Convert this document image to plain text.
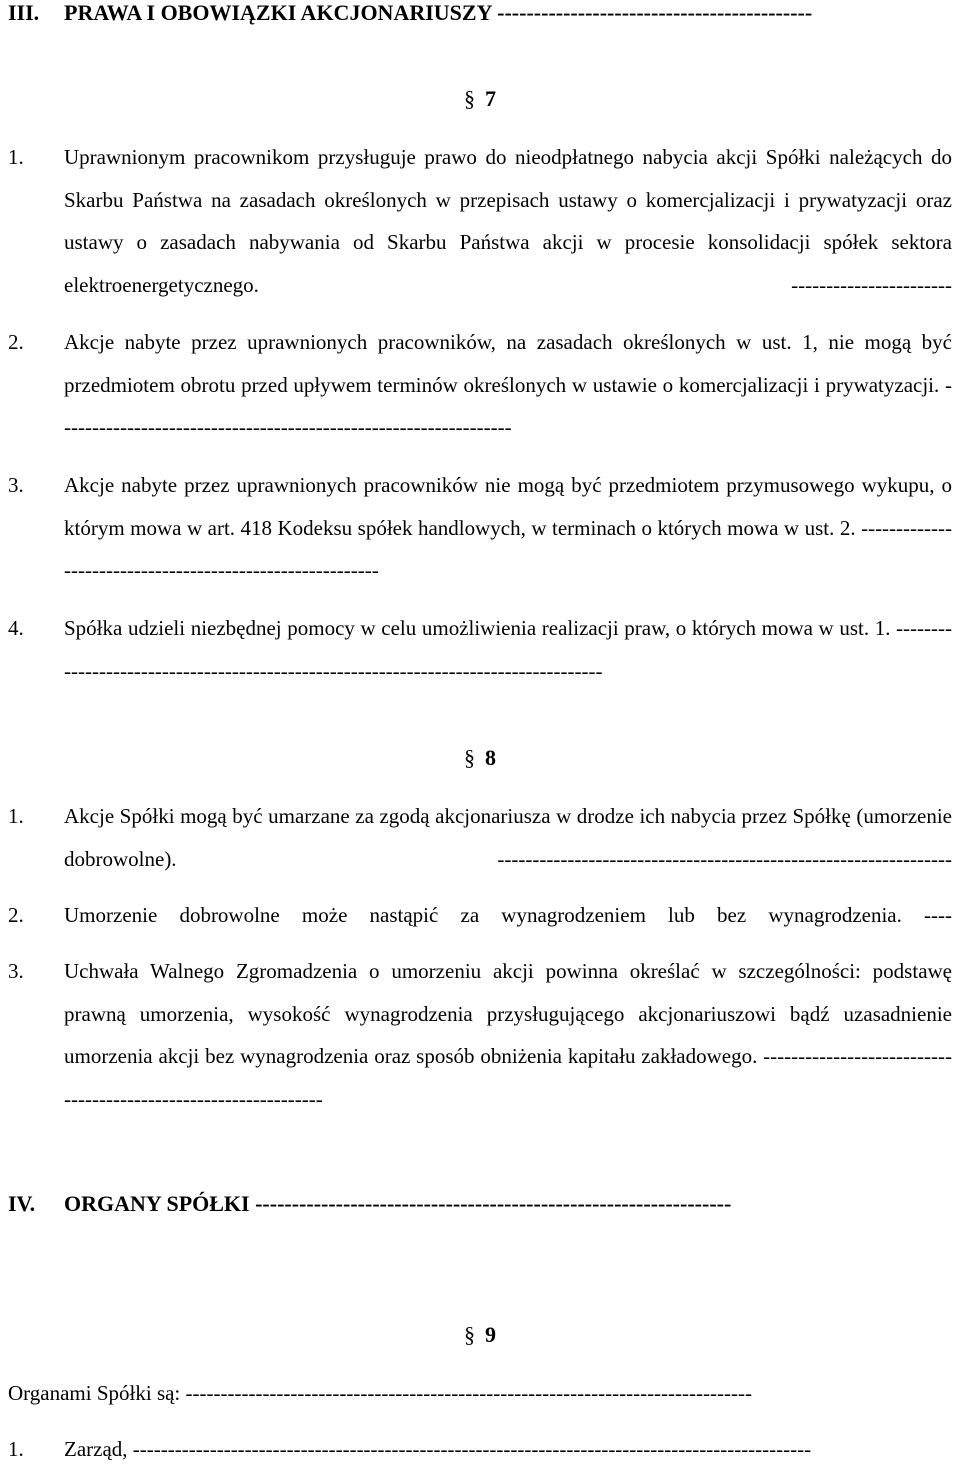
III. PRAWA I OBOWIĄZKI AKCJONARIUSZY -------------------------------------------
§ 7
1. Uprawnionym pracownikom przysługuje prawo do nieodpłatnego nabycia akcji Spółki należących do Skarbu Państwa na zasadach określonych w przepisach ustawy o komercjalizacji i prywatyzacji oraz ustawy o zasadach nabywania od Skarbu Państwa akcji w procesie konsolidacji spółek sektora elektroenergetycznego. -----------------------
2. Akcje nabyte przez uprawnionych pracowników, na zasadach określonych w ust. 1, nie mogą być przedmiotem obrotu przed upływem terminów określonych w ustawie o komercjalizacji i prywatyzacji. -----------------------------------------------------------------
3. Akcje nabyte przez uprawnionych pracowników nie mogą być przedmiotem przymusowego wykupu, o którym mowa w art. 418 Kodeksu spółek handlowych, w terminach o których mowa w ust. 2. ----------------------------------------------------------
4. Spółka udzieli niezbędnej pomocy w celu umożliwienia realizacji praw, o których mowa w ust. 1. -------------------------------------------------------------------------------------
§ 8
1. Akcje Spółki mogą być umarzane za zgodą akcjonariusza w drodze ich nabycia przez Spółkę (umorzenie dobrowolne). -----------------------------------------------------------------
2. Umorzenie dobrowolne może nastąpić za wynagrodzeniem lub bez wynagrodzenia. ----
3. Uchwała Walnego Zgromadzenia o umorzeniu akcji powinna określać w szczególności: podstawę prawną umorzenia, wysokość wynagrodzenia przysługującego akcjonariuszowi bądź uzasadnienie umorzenia akcji bez wynagrodzenia oraz sposób obniżenia kapitału zakładowego. ----------------------------------------------------------------
IV. ORGANY SPÓŁKI -----------------------------------------------------------------
§ 9
Organami Spółki są: ---------------------------------------------------------------------------------
1. Zarząd, -------------------------------------------------------------------------------------------------
